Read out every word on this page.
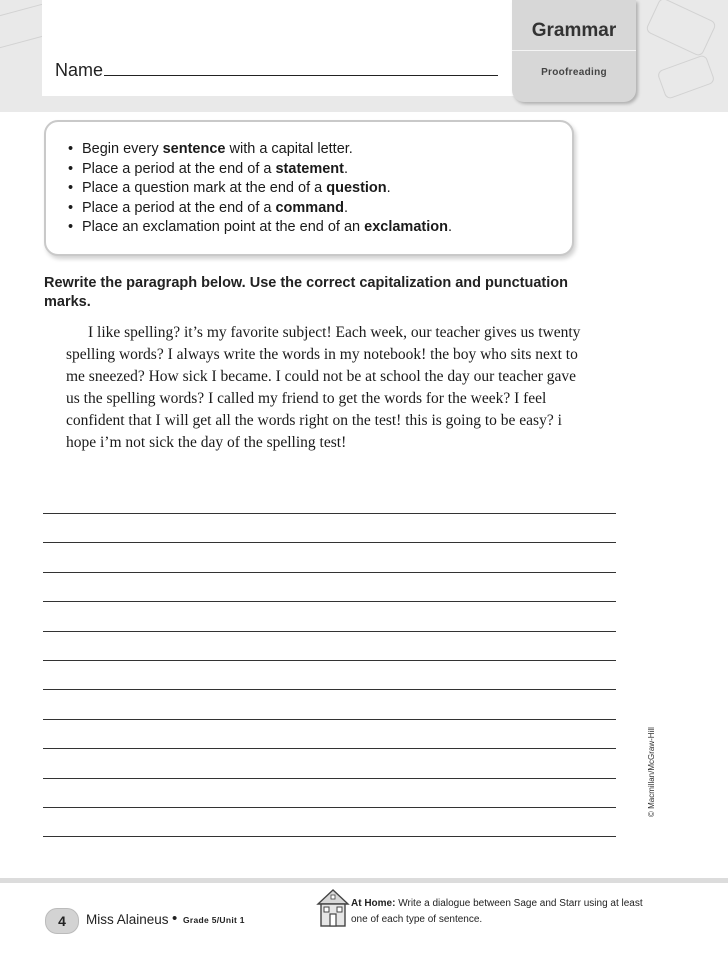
Grammar
Proofreading
Name
• Begin every sentence with a capital letter.
• Place a period at the end of a statement.
• Place a question mark at the end of a question.
• Place a period at the end of a command.
• Place an exclamation point at the end of an exclamation.
Rewrite the paragraph below. Use the correct capitalization and punctuation marks.

I like spelling? it’s my favorite subject! Each week, our teacher gives us twenty spelling words? I always write the words in my notebook! the boy who sits next to me sneezed? How sick I became. I could not be at school the day our teacher gave us the spelling words? I called my friend to get the words for the week? I feel confident that I will get all the words right on the test! this is going to be easy? i hope i’m not sick the day of the spelling test!

© Macmillan/McGraw-Hill
4	Miss Alaineus • Grade 5/Unit 1
At Home: Write a dialogue between Sage and Starr using at least one of each type of sentence.
